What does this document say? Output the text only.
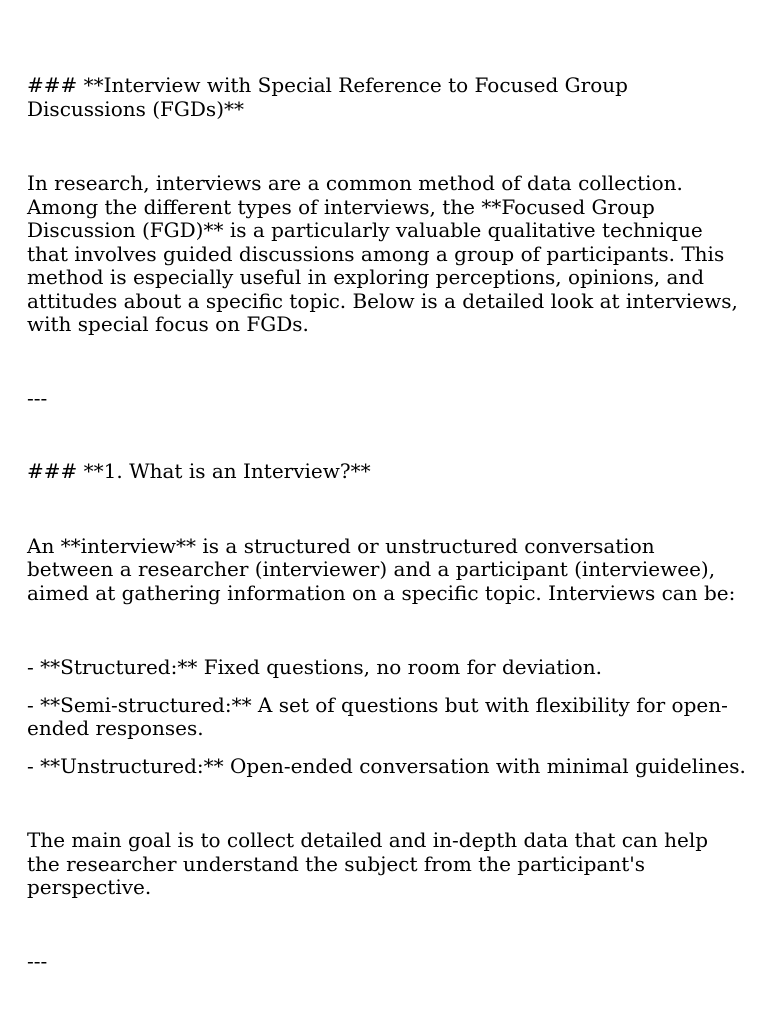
### **Interview with Special Reference to Focused Group Discussions (FGDs)**

In research, interviews are a common method of data collection. Among the different types of interviews, the **Focused Group Discussion (FGD)** is a particularly valuable qualitative technique that involves guided discussions among a group of participants. This method is especially useful in exploring perceptions, opinions, and attitudes about a specific topic. Below is a detailed look at interviews, with special focus on FGDs.

---

### **1. What is an Interview?**

An **interview** is a structured or unstructured conversation between a researcher (interviewer) and a participant (interviewee), aimed at gathering information on a specific topic. Interviews can be:

- **Structured:** Fixed questions, no room for deviation.

- **Semi-structured:** A set of questions but with flexibility for open-ended responses.

- **Unstructured:** Open-ended conversation with minimal guidelines.

The main goal is to collect detailed and in-depth data that can help the researcher understand the subject from the participant's perspective.

---
